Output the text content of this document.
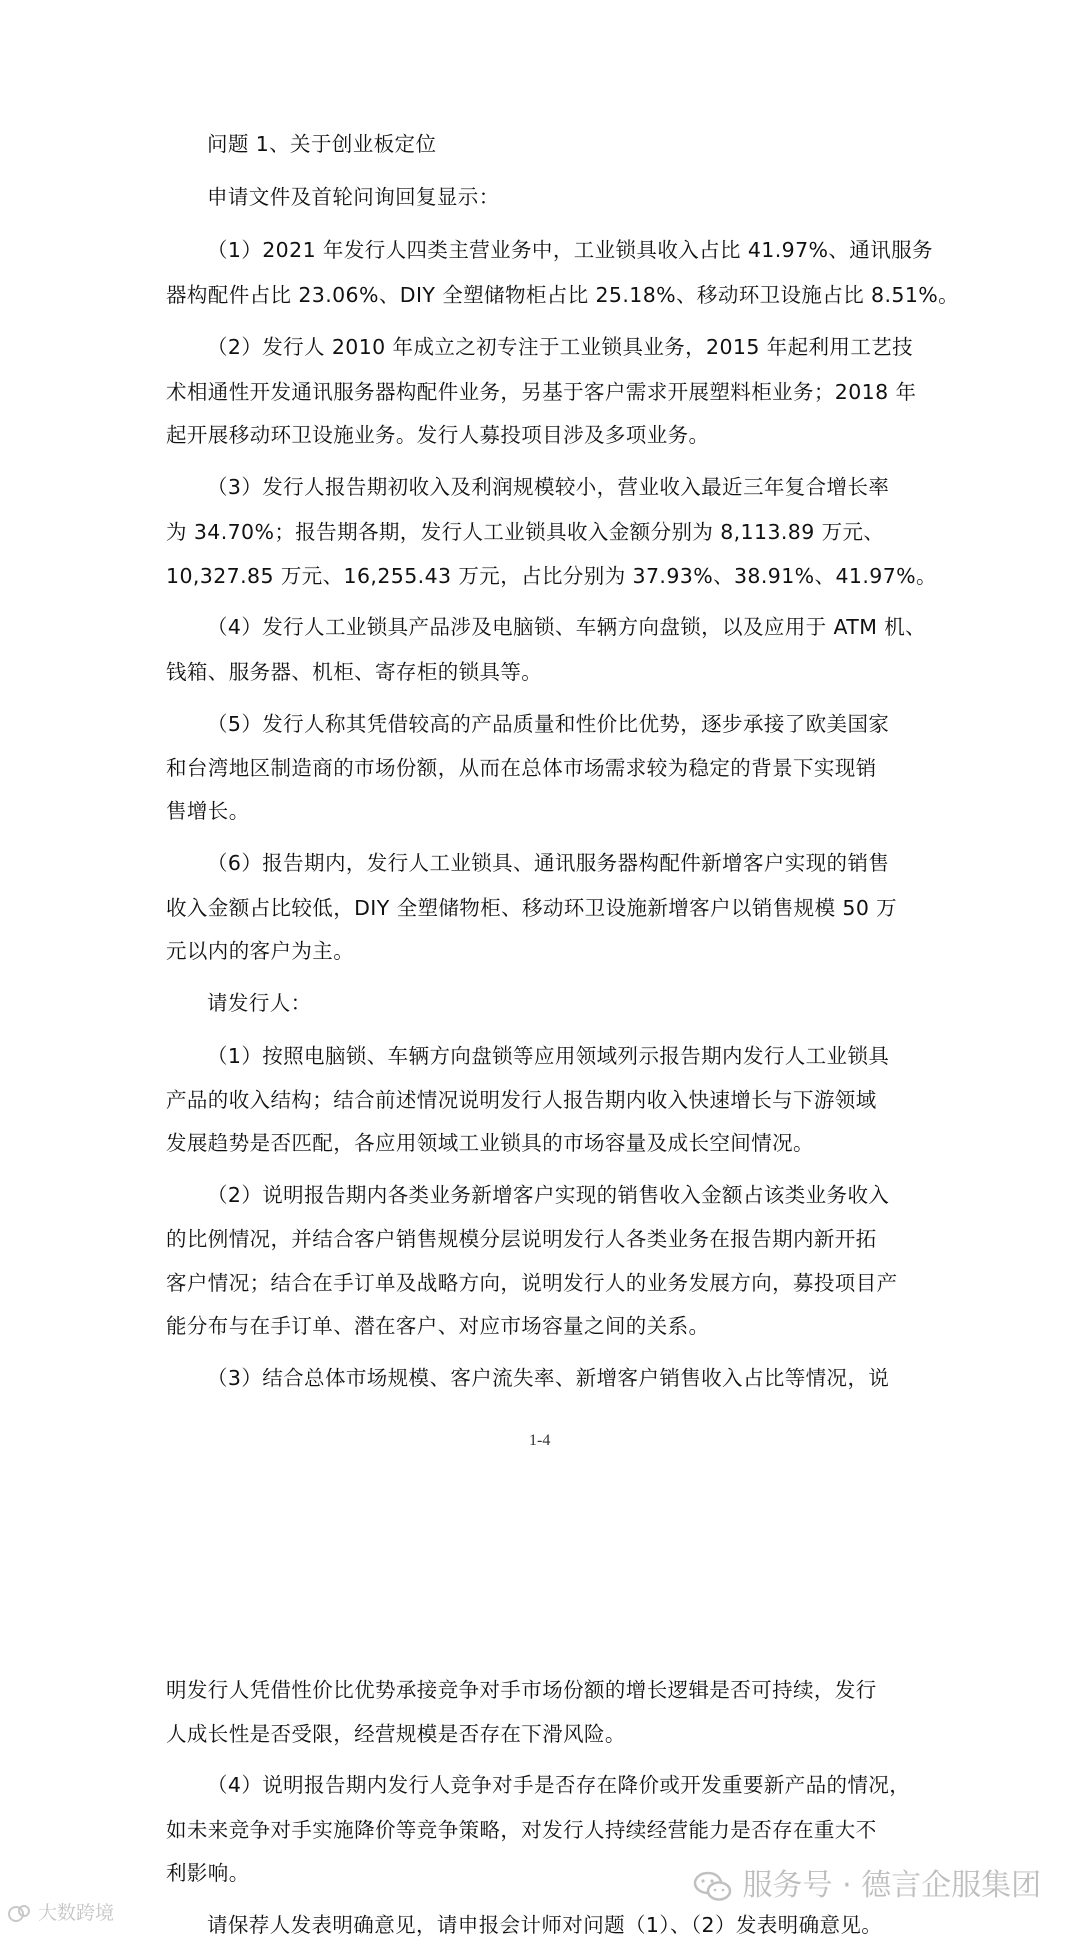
问题 1、关于创业板定位
申请文件及首轮问询回复显示：
（1）2021 年发行人四类主营业务中，工业锁具收入占比 41.97%、通讯服务
器构配件占比 23.06%、DIY 全塑储物柜占比 25.18%、移动环卫设施占比 8.51%。
（2）发行人 2010 年成立之初专注于工业锁具业务，2015 年起利用工艺技
术相通性开发通讯服务器构配件业务，另基于客户需求开展塑料柜业务；2018 年
起开展移动环卫设施业务。发行人募投项目涉及多项业务。
（3）发行人报告期初收入及利润规模较小，营业收入最近三年复合增长率
为 34.70%；报告期各期，发行人工业锁具收入金额分别为 8,113.89 万元、
10,327.85 万元、16,255.43 万元，占比分别为 37.93%、38.91%、41.97%。
（4）发行人工业锁具产品涉及电脑锁、车辆方向盘锁，以及应用于 ATM 机、
钱箱、服务器、机柜、寄存柜的锁具等。
（5）发行人称其凭借较高的产品质量和性价比优势，逐步承接了欧美国家
和台湾地区制造商的市场份额，从而在总体市场需求较为稳定的背景下实现销
售增长。
（6）报告期内，发行人工业锁具、通讯服务器构配件新增客户实现的销售
收入金额占比较低，DIY 全塑储物柜、移动环卫设施新增客户以销售规模 50 万
元以内的客户为主。
请发行人：
（1）按照电脑锁、车辆方向盘锁等应用领域列示报告期内发行人工业锁具
产品的收入结构；结合前述情况说明发行人报告期内收入快速增长与下游领域
发展趋势是否匹配，各应用领域工业锁具的市场容量及成长空间情况。
（2）说明报告期内各类业务新增客户实现的销售收入金额占该类业务收入
的比例情况，并结合客户销售规模分层说明发行人各类业务在报告期内新开拓
客户情况；结合在手订单及战略方向，说明发行人的业务发展方向，募投项目产
能分布与在手订单、潜在客户、对应市场容量之间的关系。
（3）结合总体市场规模、客户流失率、新增客户销售收入占比等情况，说
1-4
明发行人凭借性价比优势承接竞争对手市场份额的增长逻辑是否可持续，发行
人成长性是否受限，经营规模是否存在下滑风险。
（4）说明报告期内发行人竞争对手是否存在降价或开发重要新产品的情况，
如未来竞争对手实施降价等竞争策略，对发行人持续经营能力是否存在重大不
利影响。
请保荐人发表明确意见，请申报会计师对问题（1）、（2）发表明确意见。
大数跨境
服务号 · 德言企服集团
